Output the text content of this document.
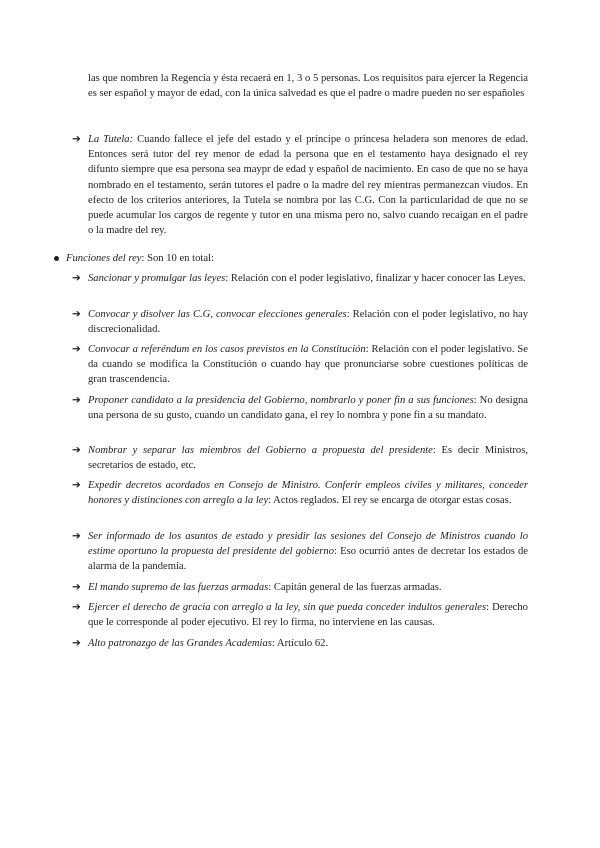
las que nombren la Regencia y ésta recaerá en 1, 3 o 5 personas. Los requisitos para ejercer la Regencia es ser español y mayor de edad, con la única salvedad es que el padre o madre pueden no ser españoles

➔ La Tutela: Cuando fallece el jefe del estado y el príncipe o princesa heladera son menores de edad. Entonces será tutor del rey menor de edad la persona que en el testamento haya designado el rey difunto siempre que esa persona sea maypr de edad y español de nacimiento. En caso de que no se haya nombrado en el testamento, serán tutores el padre o la madre del rey mientras permanezcan viudos. En efecto de los criterios anteriores, la Tutela se nombra por las C.G. Con la particularidad de que no se puede acumular los cargos de regente y tutor en una misma pero no, salvo cuando recaigan en el padre o la madre del rey.

Funciones del rey: Son 10 en total:

➔ Sancionar y promulgar las leyes: Relación con el poder legislativo, finalizar y hacer conocer las Leyes.

➔ Convocar y disolver las C.G, convocar elecciones generales: Relación con el poder legislativo, no hay discrecionalidad.

➔ Convocar a referéndum en los casos previstos en la Constitución: Relación con el poder legislativo. Se da cuando se modifica la Constitución o cuando hay que pronunciarse sobre cuestiones políticas de gran trascendencia.

➔ Proponer candidato a la presidencia del Gobierno, nombrarlo y poner fin a sus funciones: No designa una persona de su gusto, cuando un candidato gana, el rey lo nombra y pone fin a su mandato.

➔ Nombrar y separar las miembros del Gobierno a propuesta del presidente: Es decir Ministros, secretarios de estado, etc.

➔ Expedir decretos acordados en Consejo de Ministro. Conferir empleos civiles y militares, conceder honores y distinciones con arreglo a la ley: Actos reglados. El rey se encarga de otorgar estas cosas.

➔ Ser informado de los asuntos de estado y presidir las sesiones del Consejo de Ministros cuando lo estime oportuno la propuesta del presidente del gobierno: Eso ocurrió antes de decretar los estados de alarma de la pandemia.

➔ El mando supremo de las fuerzas armadas: Capitán general de las fuerzas armadas.

➔ Ejercer el derecho de gracia con arreglo a la ley, sin que pueda conceder indultos generales: Derecho que le corresponde al poder ejecutivo. El rey lo firma, no interviene en las causas.

➔ Alto patronazgo de las Grandes Academias: Artículo 62.
